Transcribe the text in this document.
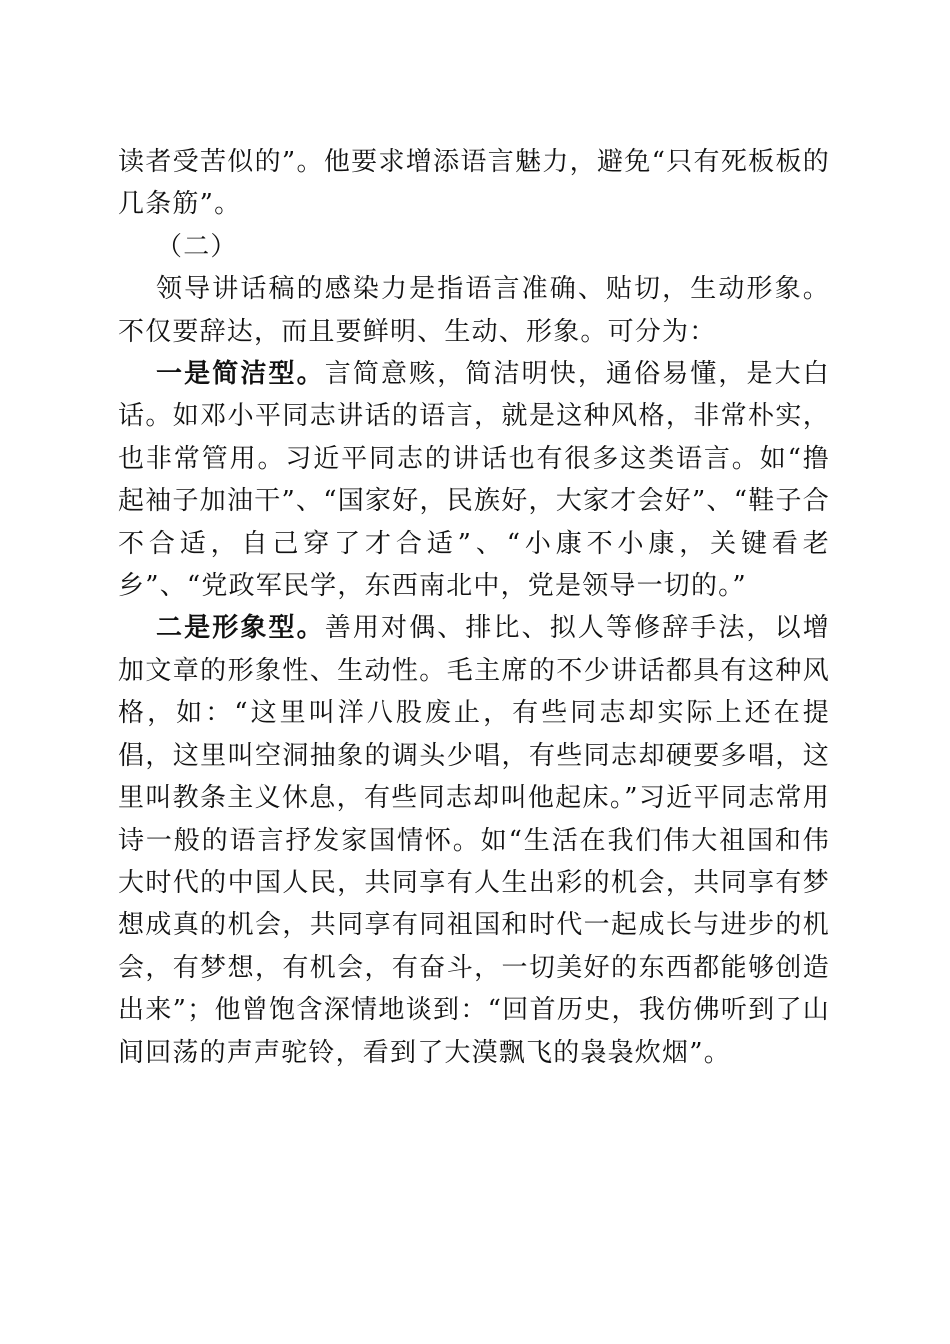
读者受苦似的”。他要求增添语言魅力，避免“只有死板板的几条筋”。

（二）

领导讲话稿的感染力是指语言准确、贴切，生动形象。不仅要辞达，而且要鲜明、生动、形象。可分为：

一是简洁型。言简意赅，简洁明快，通俗易懂，是大白话。如邓小平同志讲话的语言，就是这种风格，非常朴实，也非常管用。习近平同志的讲话也有很多这类语言。如“撸起袖子加油干”、“国家好，民族好，大家才会好”、“鞋子合不合适，自己穿了才合适”、“小康不小康，关键看老乡”、“党政军民学，东西南北中，党是领导一切的。”

二是形象型。善用对偶、排比、拟人等修辞手法，以增加文章的形象性、生动性。毛主席的不少讲话都具有这种风格，如：“这里叫洋八股废止，有些同志却实际上还在提倡，这里叫空洞抽象的调头少唱，有些同志却硬要多唱，这里叫教条主义休息，有些同志却叫他起床。”习近平同志常用诗一般的语言抒发家国情怀。如“生活在我们伟大祖国和伟大时代的中国人民，共同享有人生出彩的机会，共同享有梦想成真的机会，共同享有同祖国和时代一起成长与进步的机会，有梦想，有机会，有奋斗，一切美好的东西都能够创造出来”；他曾饱含深情地谈到：“回首历史，我仿佛听到了山间回荡的声声驼铃，看到了大漠飘飞的袅袅炊烟”。
